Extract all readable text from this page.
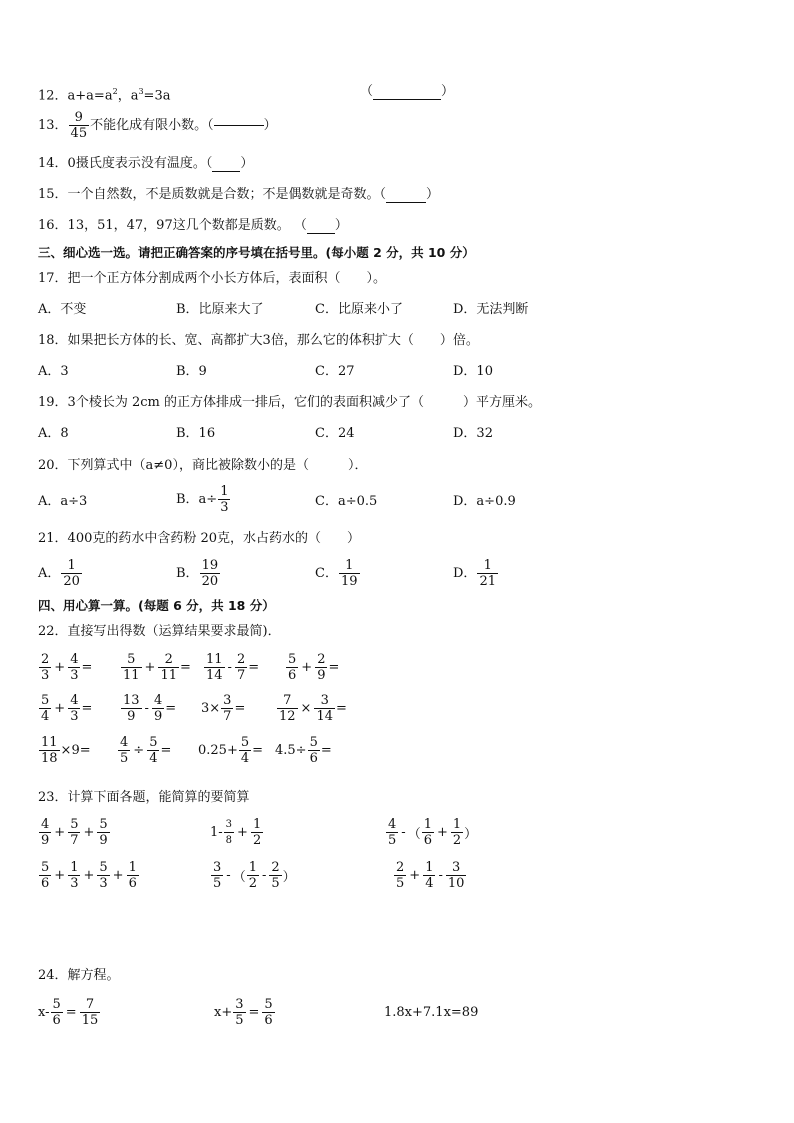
12．$a+a=a^2$，$a^3=3a$	（	）
13． $\frac{9}{45}$ 不能化成有限小数。（	）
14．0摄氏度表示没有温度。（ ）
15．一个自然数，不是质数就是合数；不是偶数就是奇数。（	）
16．13，51，47，97这几个数都是质数。 （ ）
三、细心选一选。请把正确答案的序号填在括号里。(每小题 2 分，共 10 分）
17．把一个正方体分割成两个小长方体后，表面积（　　）。
A．不变	B．比原来大了	C．比原来小了	D．无法判断
18．如果把长方体的长、宽、高都扩大3倍，那么它的体积扩大（　　）倍。
A．3	B．9	C．27	D．10
19．3个棱长为 2cm 的正方体排成一排后，它们的表面积减少了（　　　）平方厘米。
A．8	B．16	C．24	D．32
20．下列算式中（a≠0），商比被除数小的是（　　　）．
A．a÷3	B．$a\div \frac{1}{3}$	C．a÷0.5	D．a÷0.9
21．400克的药水中含药粉 20克，水占药水的（　　）
A． $\frac{1}{20}$	B． $\frac{19}{20}$	C． $\frac{1}{19}$	D． $\frac{1}{21}$
四、用心算一算。(每题 6 分，共 18 分）
22．直接写出得数（运算结果要求最简)．
$\frac{2}{3} + \frac{4}{3} = \frac{5}{11} + \frac{2}{11} = \frac{11}{14} - \frac{2}{7} = \frac{5}{6} + \frac{2}{9}$ =
$\frac{5}{4} + \frac{4}{3} = \frac{13}{9} - \frac{4}{9} = 3\times \frac{3}{7} = \frac{7}{12} \times \frac{3}{14}$ =
$\frac{11}{18} \times 9= \frac{4}{5} \div \frac{5}{4} = 0.25+ \frac{5}{4} = 4.5\div \frac{5}{6}$ =
23．计算下面各题，能简算的要简算
$\frac{4}{9} + \frac{5}{7} + \frac{5}{9}$	$1- \frac{3}{8} + \frac{1}{2}$	$\frac{4}{5}$ - （ $\frac{1}{6} + \frac{1}{2}$ ）
$\frac{5}{6} + \frac{1}{3} + \frac{5}{3} + \frac{1}{6}$	$\frac{3}{5}$ - （ $\frac{1}{2} - \frac{2}{5}$ ）	$\frac{2}{5} + \frac{1}{4} - \frac{3}{10}$
24．解方程。
$x- \frac{5}{6} = \frac{7}{15}$	$x+ \frac{3}{5} = \frac{5}{6}$	1.8x+7.1x=89
